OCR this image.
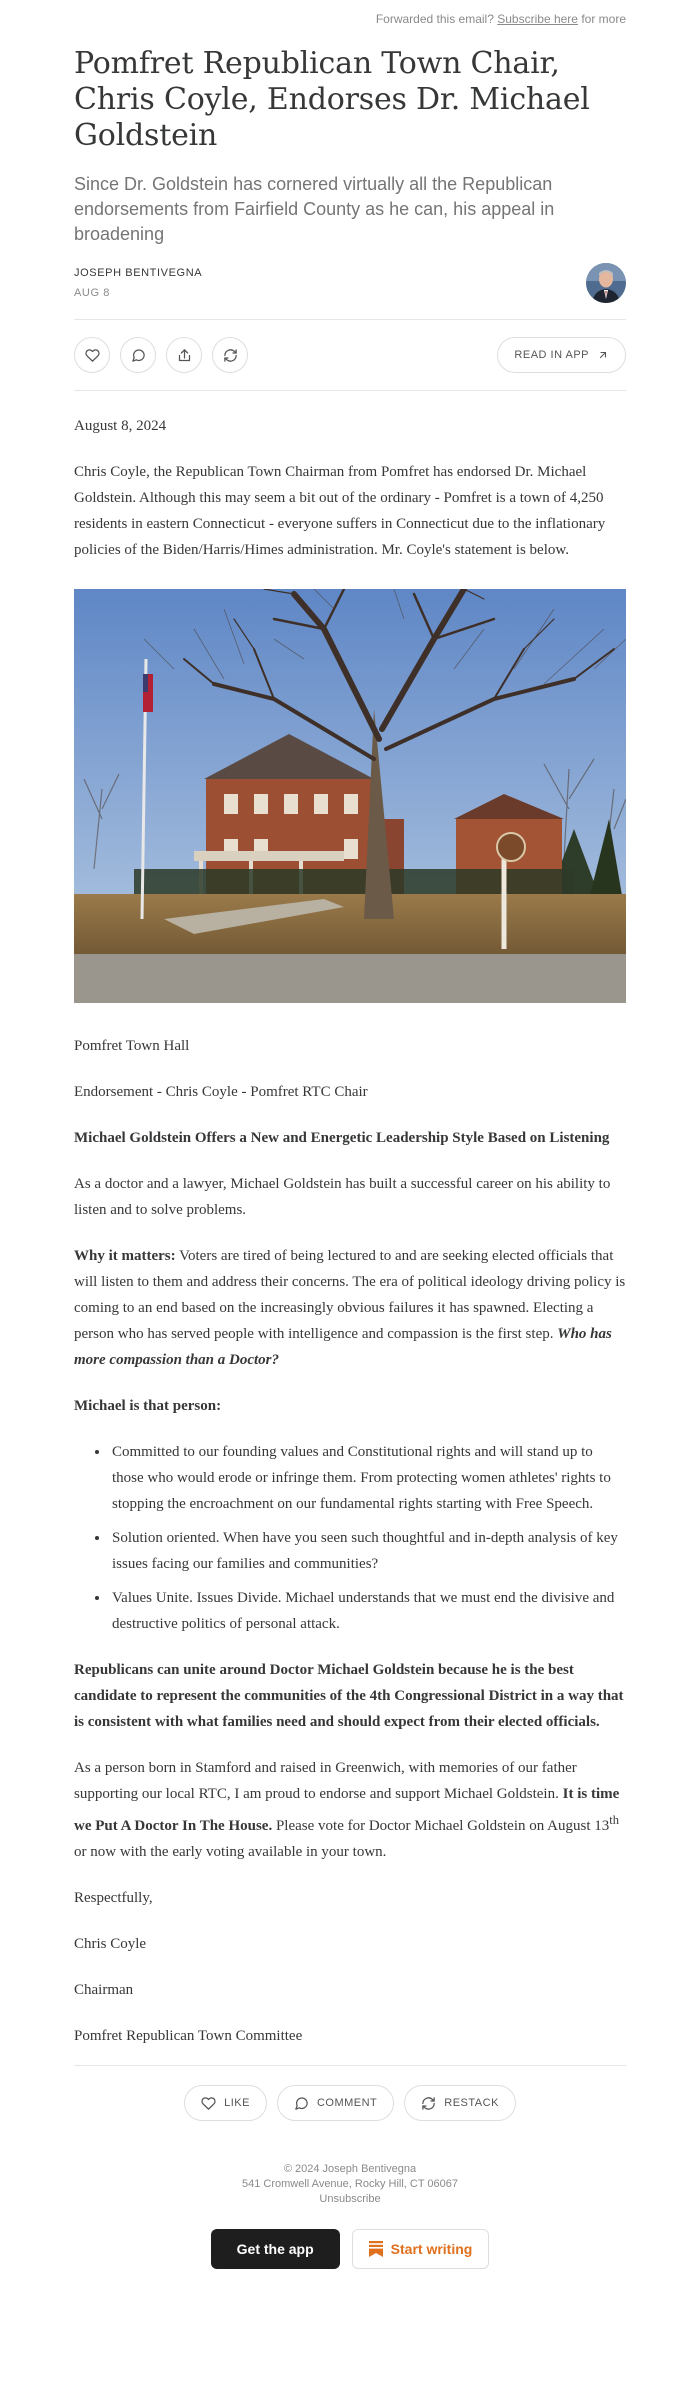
Forwarded this email? Subscribe here for more
Pomfret Republican Town Chair, Chris Coyle, Endorses Dr. Michael Goldstein
Since Dr. Goldstein has cornered virtually all the Republican endorsements from Fairfield County as he can, his appeal in broadening
JOSEPH BENTIVEGNA
AUG 8
READ IN APP

August 8, 2024

Chris Coyle, the Republican Town Chairman from Pomfret has endorsed Dr. Michael Goldstein. Although this may seem a bit out of the ordinary - Pomfret is a town of 4,250 residents in eastern Connecticut - everyone suffers in Connecticut due to the inflationary policies of the Biden/Harris/Himes administration. Mr. Coyle's statement is below.

Pomfret Town Hall

Endorsement - Chris Coyle - Pomfret RTC Chair

Michael Goldstein Offers a New and Energetic Leadership Style Based on Listening

As a doctor and a lawyer, Michael Goldstein has built a successful career on his ability to listen and to solve problems.

Why it matters: Voters are tired of being lectured to and are seeking elected officials that will listen to them and address their concerns. The era of political ideology driving policy is coming to an end based on the increasingly obvious failures it has spawned. Electing a person who has served people with intelligence and compassion is the first step. Who has more compassion than a Doctor?

Michael is that person:

• Committed to our founding values and Constitutional rights and will stand up to those who would erode or infringe them. From protecting women athletes' rights to stopping the encroachment on our fundamental rights starting with Free Speech.
• Solution oriented. When have you seen such thoughtful and in-depth analysis of key issues facing our families and communities?
• Values Unite. Issues Divide. Michael understands that we must end the divisive and destructive politics of personal attack.

Republicans can unite around Doctor Michael Goldstein because he is the best candidate to represent the communities of the 4th Congressional District in a way that is consistent with what families need and should expect from their elected officials.

As a person born in Stamford and raised in Greenwich, with memories of our father supporting our local RTC, I am proud to endorse and support Michael Goldstein. It is time we Put A Doctor In The House. Please vote for Doctor Michael Goldstein on August 13th or now with the early voting available in your town.

Respectfully,

Chris Coyle

Chairman

Pomfret Republican Town Committee

LIKE	COMMENT	RESTACK
© 2024 Joseph Bentivegna
541 Cromwell Avenue, Rocky Hill, CT 06067
Unsubscribe
Get the app	Start writing
